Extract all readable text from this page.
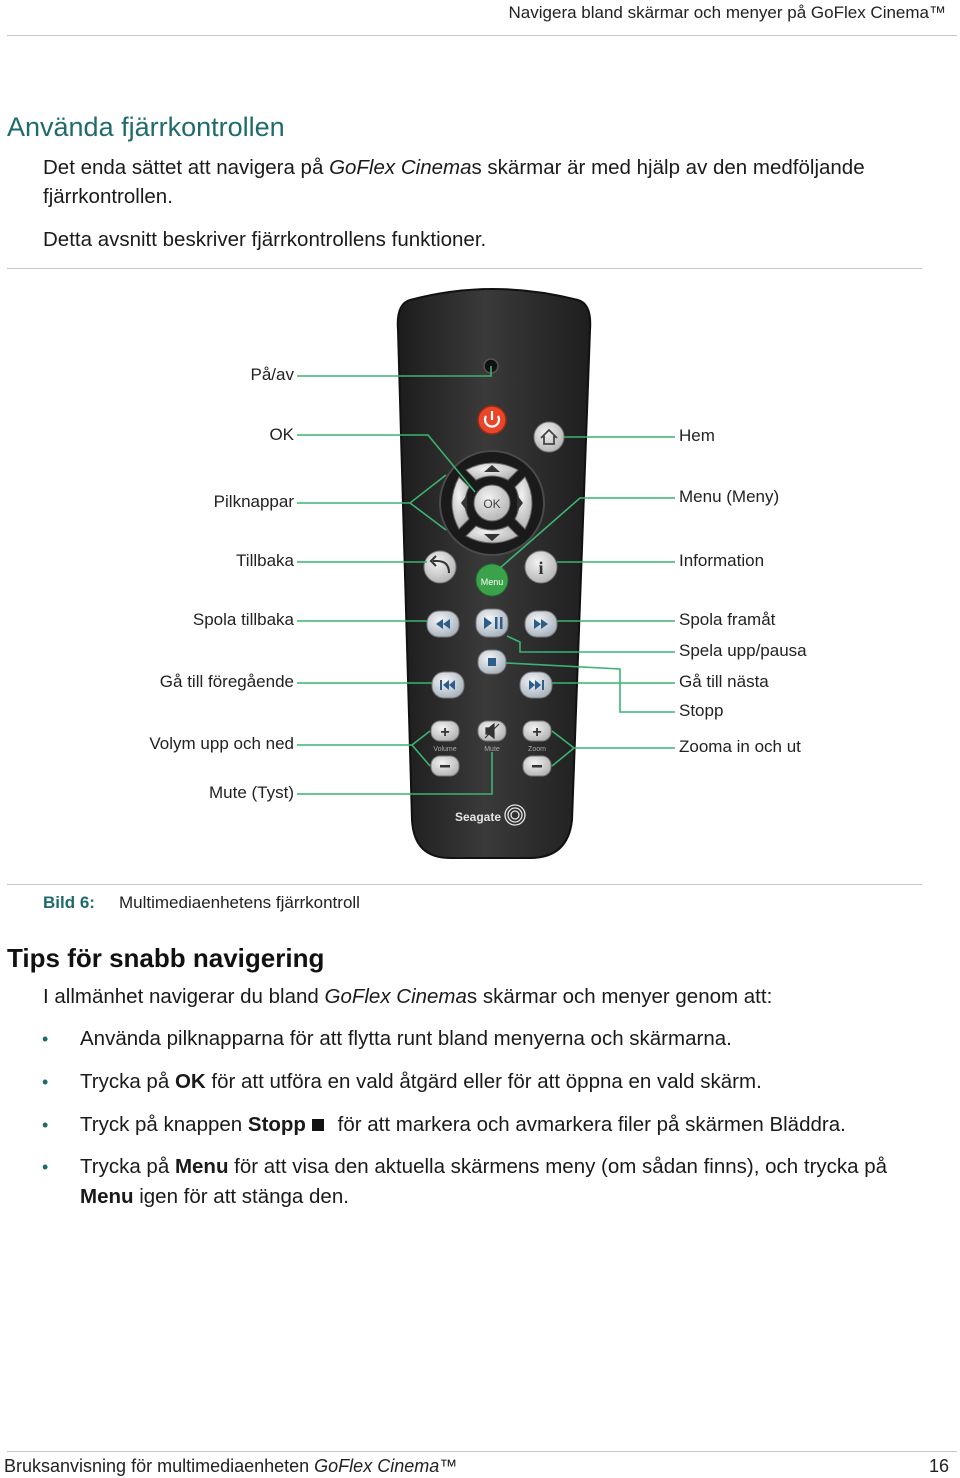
Navigera bland skärmar och menyer på GoFlex Cinema™
Använda fjärrkontrollen
Det enda sättet att navigera på GoFlex Cinemas skärmar är med hjälp av den medföljande
fjärrkontrollen.
Detta avsnitt beskriver fjärrkontrollens funktioner.
OK
Menu
i
+
Volume	Mute
+
Zoom
Seagate
På/av
OK
Pilknappar
Tillbaka
Spola tillbaka
Gå till föregående
Volym upp och ned
Mute (Tyst)
Hem
Menu (Meny)
Information
Spola framåt
Spela upp/pausa
Gå till nästa
Stopp
Zooma in och ut
Bild 6: Multimediaenhetens fjärrkontroll
Tips för snabb navigering
I allmänhet navigerar du bland GoFlex Cinemas skärmar och menyer genom att:
• Använda pilknapparna för att flytta runt bland menyerna och skärmarna.
• Trycka på OK för att utföra en vald åtgärd eller för att öppna en vald skärm.
• Tryck på knappen Stopp för att markera och avmarkera filer på skärmen Bläddra.
• Trycka på Menu för att visa den aktuella skärmens meny (om sådan finns), och trycka på
Menu igen för att stänga den.
Bruksanvisning för multimediaenheten GoFlex Cinema™	16
